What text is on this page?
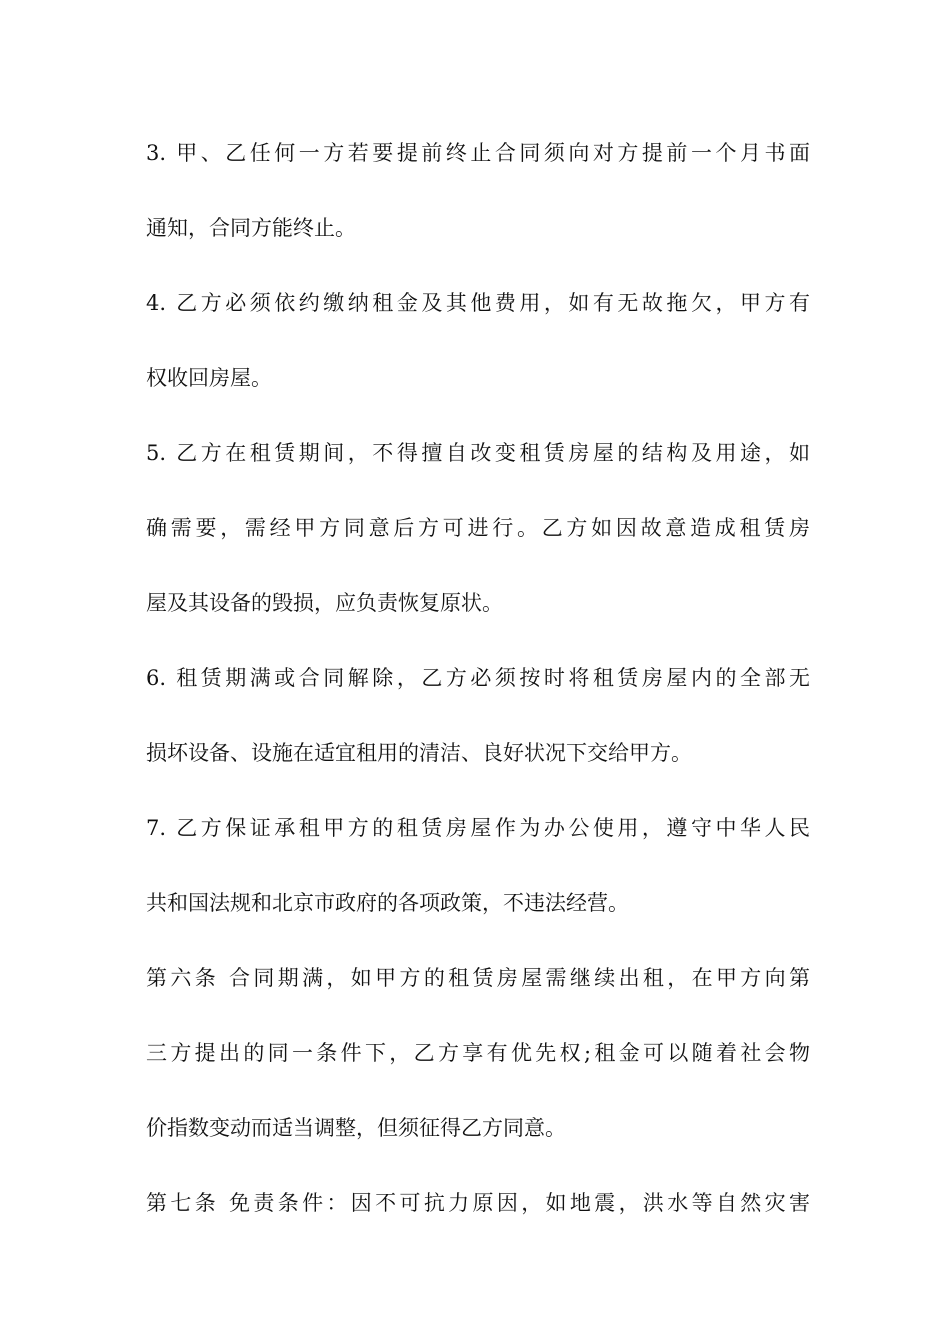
3. 甲、乙任何一方若要提前终止合同须向对方提前一个月书面
通知，合同方能终止。
4. 乙方必须依约缴纳租金及其他费用，如有无故拖欠，甲方有
权收回房屋。
5. 乙方在租赁期间，不得擅自改变租赁房屋的结构及用途，如
确需要，需经甲方同意后方可进行。乙方如因故意造成租赁房
屋及其设备的毁损，应负责恢复原状。
6. 租赁期满或合同解除，乙方必须按时将租赁房屋内的全部无
损坏设备、设施在适宜租用的清洁、良好状况下交给甲方。
7. 乙方保证承租甲方的租赁房屋作为办公使用，遵守中华人民
共和国法规和北京市政府的各项政策，不违法经营。
第六条 合同期满，如甲方的租赁房屋需继续出租，在甲方向第
三方提出的同一条件下，乙方享有优先权;租金可以随着社会物
价指数变动而适当调整，但须征得乙方同意。
第七条 免责条件：因不可抗力原因，如地震，洪水等自然灾害
